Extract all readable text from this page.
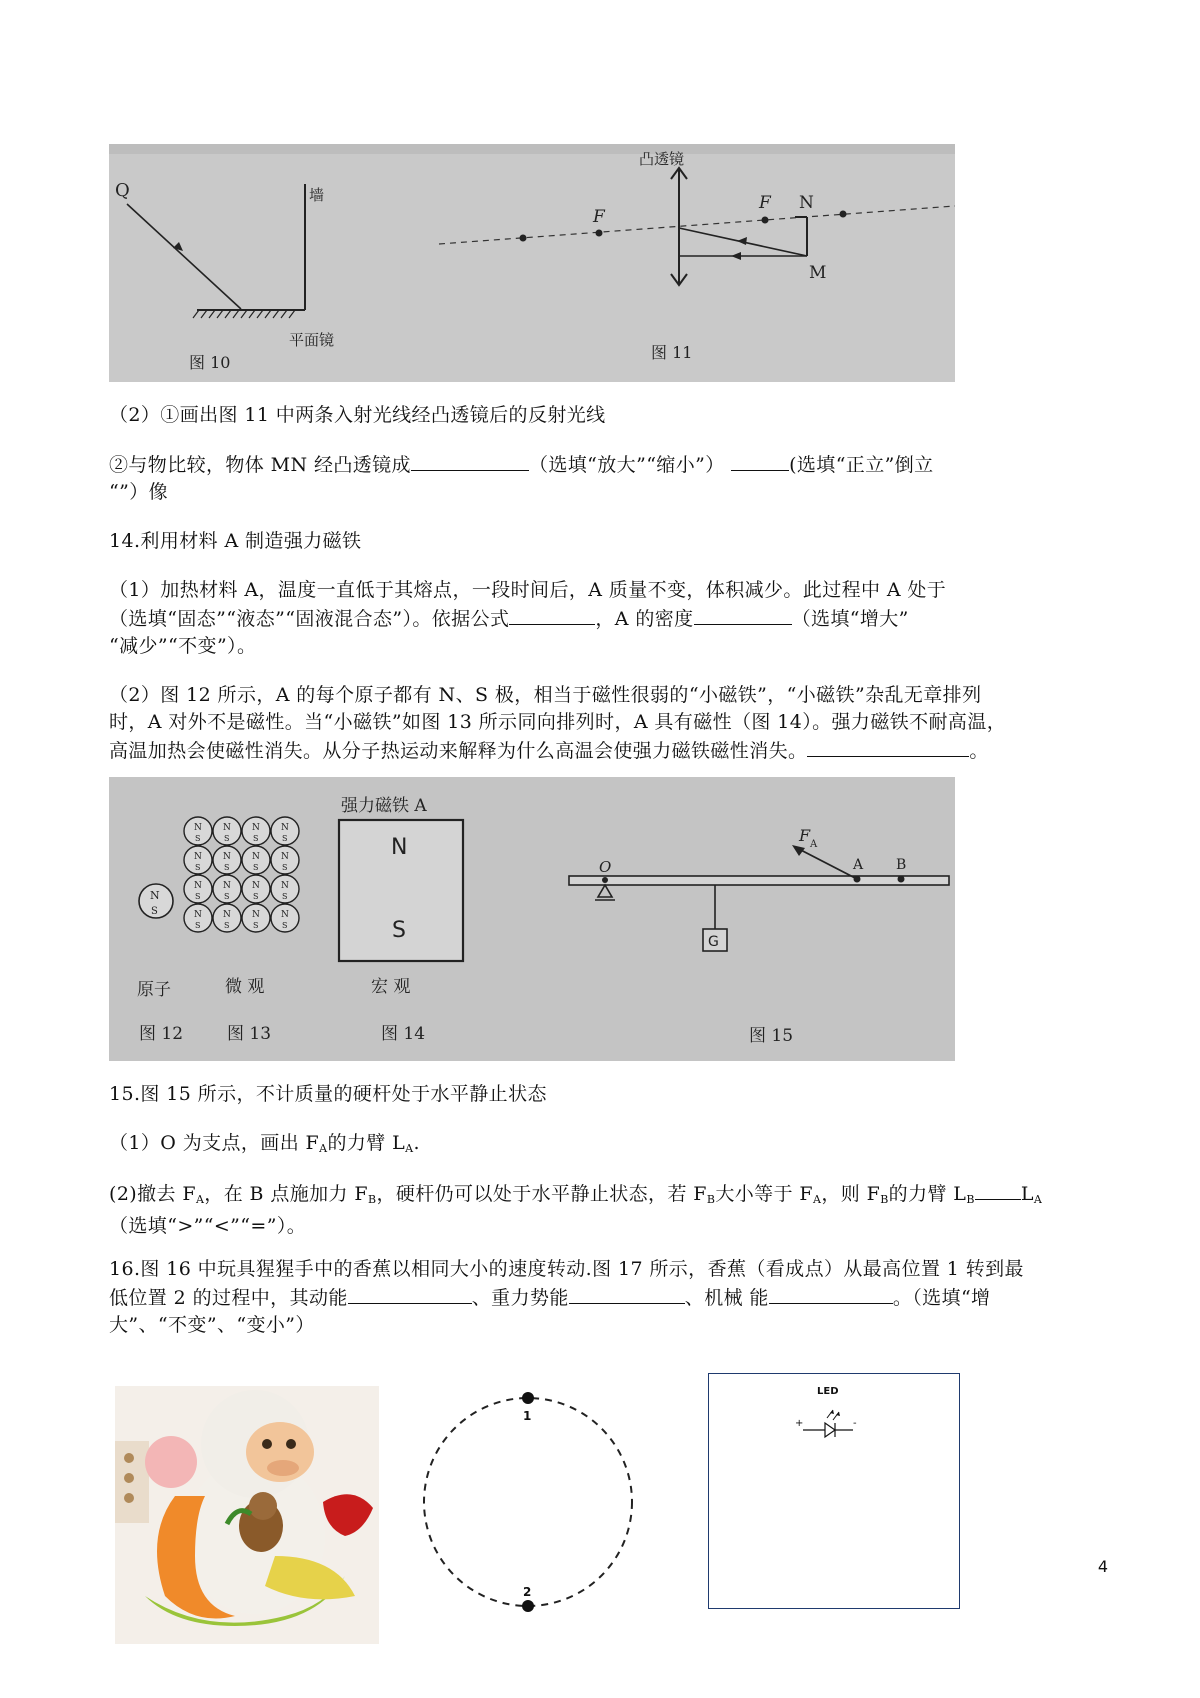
Q	墙
平面镜
图 10
F
F
凸透镜
N
M
图 11
（2）①画出图 11 中两条入射光线经凸透镜后的反射光线
②与物比较，物体 MN 经凸透镜成	（选填“放大”“缩小”）	(选填“正立”倒立
“”）像
14.利用材料 A 制造强力磁铁
（1）加热材料 A，温度一直低于其熔点，一段时间后，A 质量不变，体积减少。此过程中 A 处于
（选填“固态”“液态”“固液混合态”）。依据公式	，A 的密度	（选填“增大”
“减少”“不变”）。
（2）图 12 所示，A 的每个原子都有 N、S 极，相当于磁性很弱的“小磁铁”，“小磁铁”杂乱无章排列
时，A 对外不是磁性。当“小磁铁”如图 13 所示同向排列时，A 具有磁性（图 14）。强力磁铁不耐高温，
高温加热会使磁性消失。从分子热运动来解释为什么高温会使强力磁铁磁性消失。	。
N
S
N
S
N
S
N
S
N
S
N
S
N
S
N
S
N
S
N
S
N
S
N
S
N
S
N
S
N
S
N
S
N
S
强力磁铁 A
N
S
原子	微 观	宏 观
图 12	图 13	图 14
O
G
F A
A B
图 15
15.图 15 所示，不计质量的硬杆处于水平静止状态
（1）O 为支点，画出 $F_A$的力臂 $L_A$.
(2)撤去 $F_A$，在 B 点施加力 $F_B$，硬杆仍可以处于水平静止状态，若 $F_B$大小等于 $F_A$，则 $F_B$的力臂 $L_B$ $L_A$
（选填“>”“<”“=”）。
16.图 16 中玩具猩猩手中的香蕉以相同大小的速度转动.图 17 所示，香蕉（看成点）从最高位置 1 转到最
低位置 2 的过程中，其动能	、重力势能	、机械 能	。（选填“增
大”、“不变”、“变小”）
1
2
LED
+	-
4
